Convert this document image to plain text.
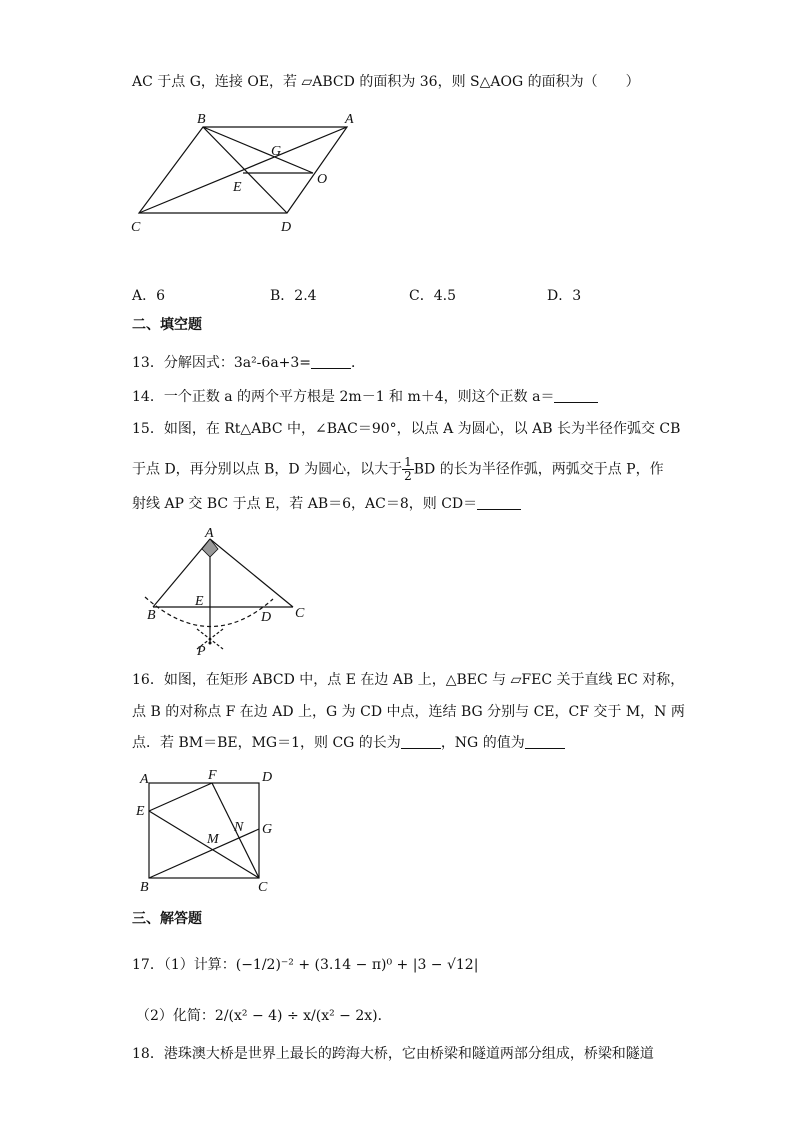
AC 于点 G，连接 OE，若 ▱ABCD 的面积为 36，则 S△AOG 的面积为（　　）
B	A
G
O
E
C	D
A．6	B．2.4	C．4.5	D．3
二、填空题
13．分解因式：3a²-6a+3=	．
14．一个正数 a 的两个平方根是 2m－1 和 m＋4，则这个正数 a＝
15．如图，在 Rt△ABC 中，∠BAC＝90°，以点 A 为圆心，以 AB 长为半径作弧交 CB
于点 D，再分别以点 B，D 为圆心，以大于 $\frac{1}{2}$ BD 的长为半径作弧，两弧交于点 P，作
射线 AP 交 BC 于点 E，若 AB＝6，AC＝8，则 CD＝
A
B
E
D C
P
16．如图，在矩形 ABCD 中，点 E 在边 AB 上，△BEC 与 ▱FEC 关于直线 EC 对称，
点 B 的对称点 F 在边 AD 上，G 为 CD 中点，连结 BG 分别与 CE，CF 交于 M，N 两
点．若 BM＝BE，MG＝1，则 CG 的长为	，NG 的值为
A	F	D
E
N G
M
B	C
三、解答题
17．（1）计算：(−1/2)⁻² + (3.14 − π)⁰ + |3 − √12|
（2）化简：2/(x² − 4) ÷ x/(x² − 2x)．
18．港珠澳大桥是世界上最长的跨海大桥，它由桥梁和隧道两部分组成，桥梁和隧道
